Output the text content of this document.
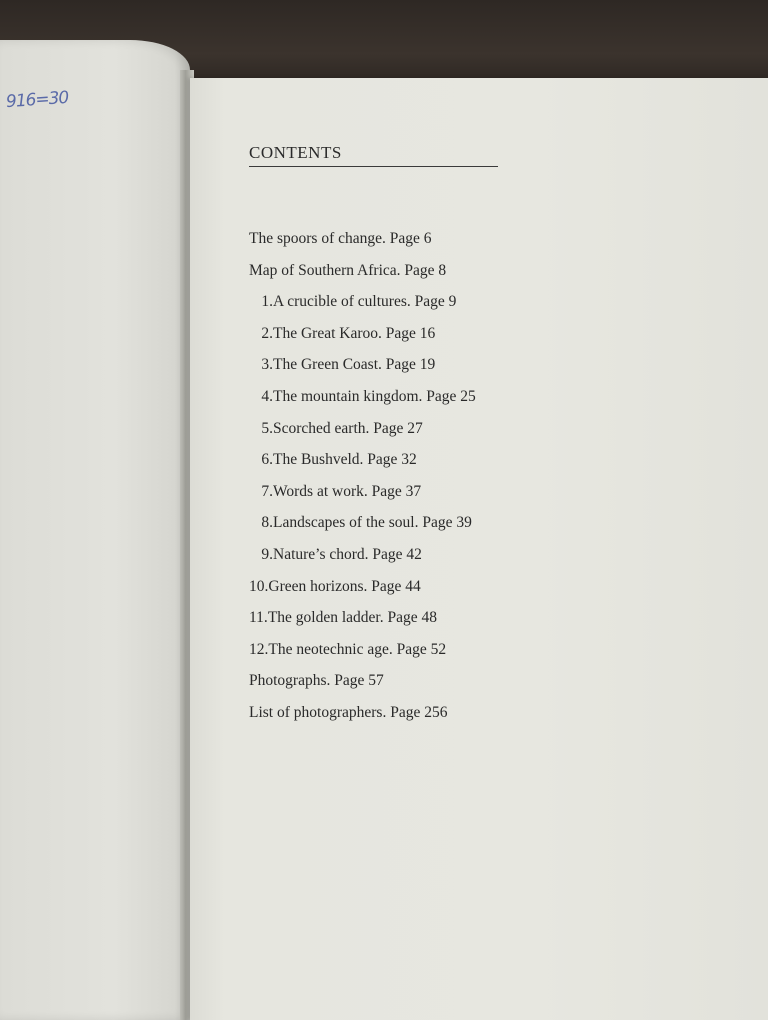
916=30
CONTENTS
The spoors of change. Page 6
Map of Southern Africa. Page 8
1.A crucible of cultures. Page 9
2.The Great Karoo. Page 16
3.The Green Coast. Page 19
4.The mountain kingdom. Page 25
5.Scorched earth. Page 27
6.The Bushveld. Page 32
7.Words at work. Page 37
8.Landscapes of the soul. Page 39
9.Nature’s chord. Page 42
10.Green horizons. Page 44
11.The golden ladder. Page 48
12.The neotechnic age. Page 52
Photographs. Page 57
List of photographers. Page 256
